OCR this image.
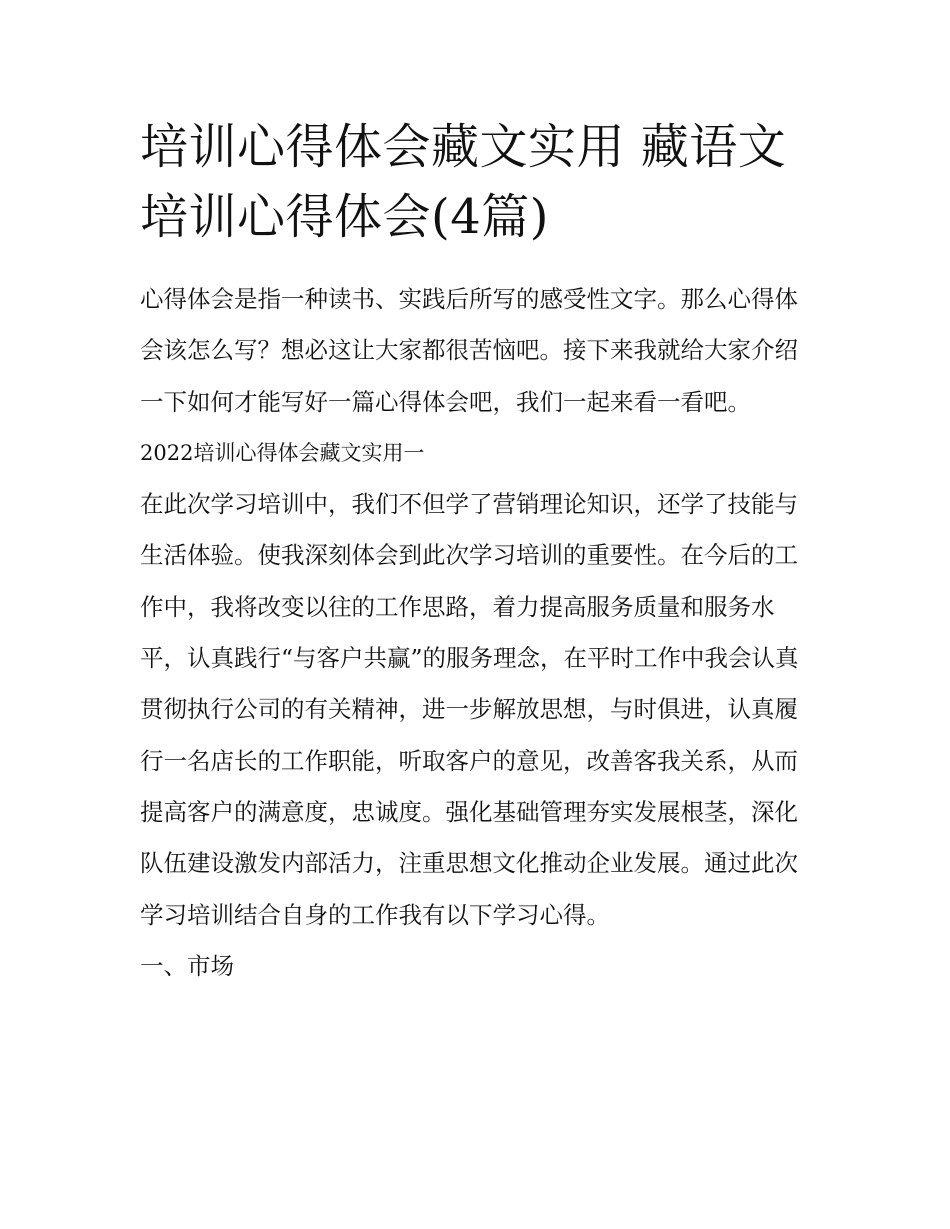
培训心得体会藏文实用 藏语文培训心得体会(4篇)

心得体会是指一种读书、实践后所写的感受性文字。那么心得体会该怎么写？想必这让大家都很苦恼吧。接下来我就给大家介绍一下如何才能写好一篇心得体会吧，我们一起来看一看吧。

2022培训心得体会藏文实用一

在此次学习培训中，我们不但学了营销理论知识，还学了技能与生活体验。使我深刻体会到此次学习培训的重要性。在今后的工作中，我将改变以往的工作思路，着力提高服务质量和服务水平，认真践行“与客户共赢”的服务理念，在平时工作中我会认真贯彻执行公司的有关精神，进一步解放思想，与时俱进，认真履行一名店长的工作职能，听取客户的意见，改善客我关系，从而提高客户的满意度，忠诚度。强化基础管理夯实发展根茎，深化队伍建设激发内部活力，注重思想文化推动企业发展。通过此次学习培训结合自身的工作我有以下学习心得。

一、市场
